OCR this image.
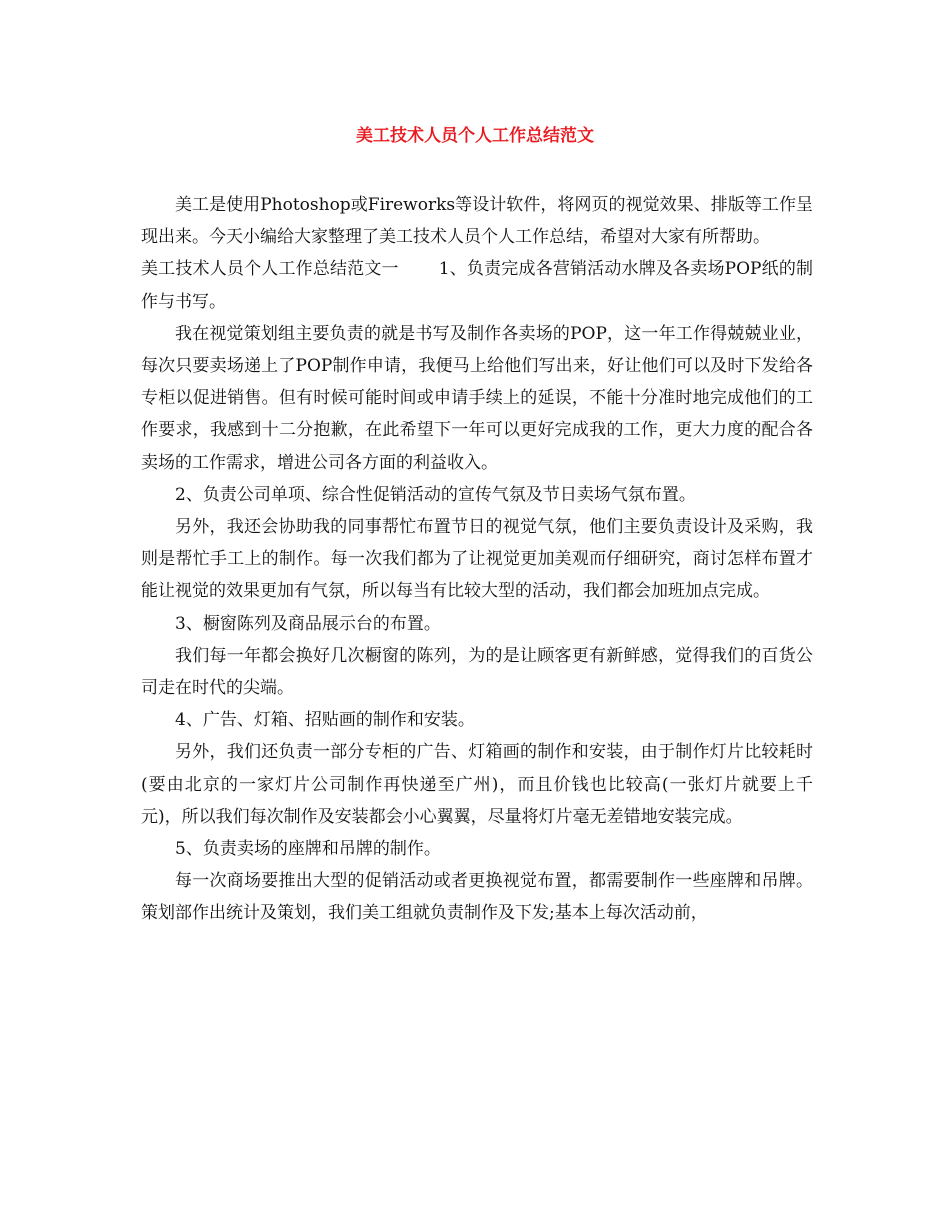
美工技术人员个人工作总结范文

美工是使用Photoshop或Fireworks等设计软件，将网页的视觉效果、排版等工作呈现出来。今天小编给大家整理了美工技术人员个人工作总结，希望对大家有所帮助。

美工技术人员个人工作总结范文一 1、负责完成各营销活动水牌及各卖场POP纸的制作与书写。

我在视觉策划组主要负责的就是书写及制作各卖场的POP，这一年工作得兢兢业业，每次只要卖场递上了POP制作申请，我便马上给他们写出来，好让他们可以及时下发给各专柜以促进销售。但有时候可能时间或申请手续上的延误，不能十分准时地完成他们的工作要求，我感到十二分抱歉，在此希望下一年可以更好完成我的工作，更大力度的配合各卖场的工作需求，增进公司各方面的利益收入。

2、负责公司单项、综合性促销活动的宣传气氛及节日卖场气氛布置。

另外，我还会协助我的同事帮忙布置节日的视觉气氛，他们主要负责设计及采购，我则是帮忙手工上的制作。每一次我们都为了让视觉更加美观而仔细研究，商讨怎样布置才能让视觉的效果更加有气氛，所以每当有比较大型的活动，我们都会加班加点完成。

3、橱窗陈列及商品展示台的布置。

我们每一年都会换好几次橱窗的陈列，为的是让顾客更有新鲜感，觉得我们的百货公司走在时代的尖端。

4、广告、灯箱、招贴画的制作和安装。

另外，我们还负责一部分专柜的广告、灯箱画的制作和安装，由于制作灯片比较耗时(要由北京的一家灯片公司制作再快递至广州)，而且价钱也比较高(一张灯片就要上千元)，所以我们每次制作及安装都会小心翼翼，尽量将灯片毫无差错地安装完成。

5、负责卖场的座牌和吊牌的制作。

每一次商场要推出大型的促销活动或者更换视觉布置，都需要制作一些座牌和吊牌。策划部作出统计及策划，我们美工组就负责制作及下发;基本上每次活动前，
